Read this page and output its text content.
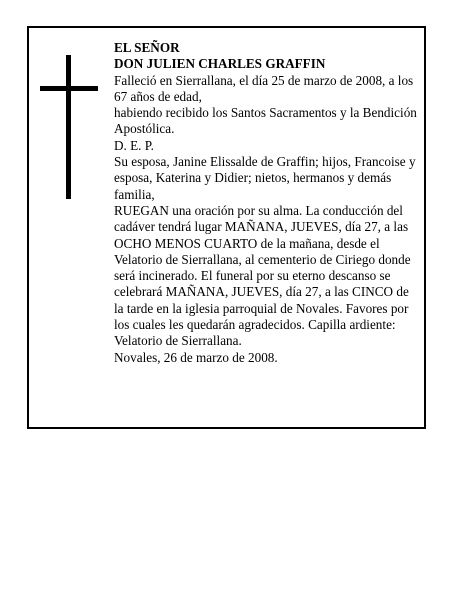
EL SEÑOR

DON JULIEN CHARLES GRAFFIN

Falleció en Sierrallana, el día 25 de marzo de 2008, a los 67 años de edad,

habiendo recibido los Santos Sacramentos y la Bendición Apostólica.

D. E. P.

Su esposa, Janine Elissalde de Graffin; hijos, Francoise y esposa, Katerina y Didier; nietos, hermanos y demás familia,

RUEGAN una oración por su alma. La conducción del cadáver tendrá lugar MAÑANA, JUEVES, día 27, a las OCHO MENOS CUARTO de la mañana, desde el Velatorio de Sierrallana, al cementerio de Ciriego donde será incinerado. El funeral por su eterno descanso se celebrará MAÑANA, JUEVES, día 27, a las CINCO de la tarde en la iglesia parroquial de Novales. Favores por los cuales les quedarán agradecidos. Capilla ardiente: Velatorio de Sierrallana.

Novales, 26 de marzo de 2008.
